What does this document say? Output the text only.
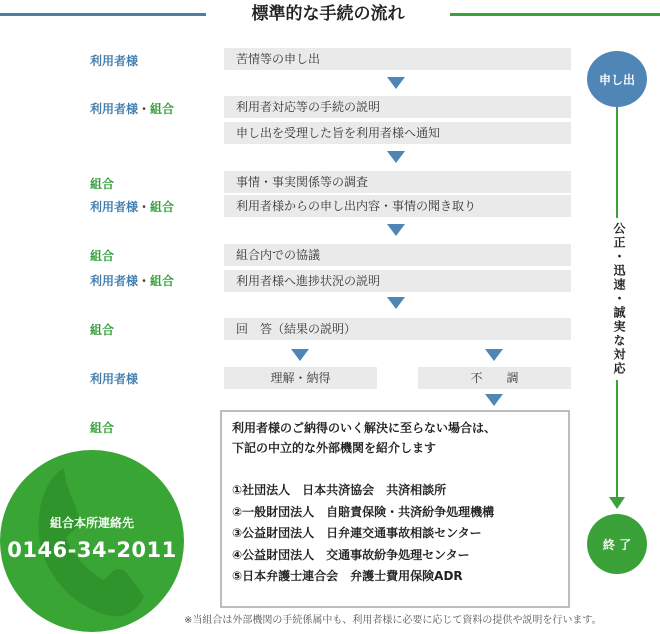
標準的な手続の流れ
利用者様
利用者様・組合
組合
利用者様・組合
組合
利用者様・組合
組合
利用者様
組合
苦情等の申し出
利用者対応等の手続の説明
申し出を受理した旨を利用者様へ通知
事情・事実関係等の調査
利用者様からの申し出内容・事情の聞き取り
組合内での協議
利用者様へ進捗状況の説明
回　答（結果の説明）
理解・納得	不　　調

利用者様のご納得のいく解決に至らない場合は、

下記の中立的な外部機関を紹介します

①社団法人　日本共済協会　共済相談所

②一般財団法人　自賠責保険・共済紛争処理機構

③公益財団法人　日弁連交通事故相談センター

④公益財団法人　交通事故紛争処理センター

⑤日本弁護士連合会　弁護士費用保険ADR

申し出
公正・迅速・誠実な対応
終 了
組合本所連絡先
0146-34-2011
※当組合は外部機関の手続係属中も、利用者様に必要に応じて資料の提供や説明を行います。
